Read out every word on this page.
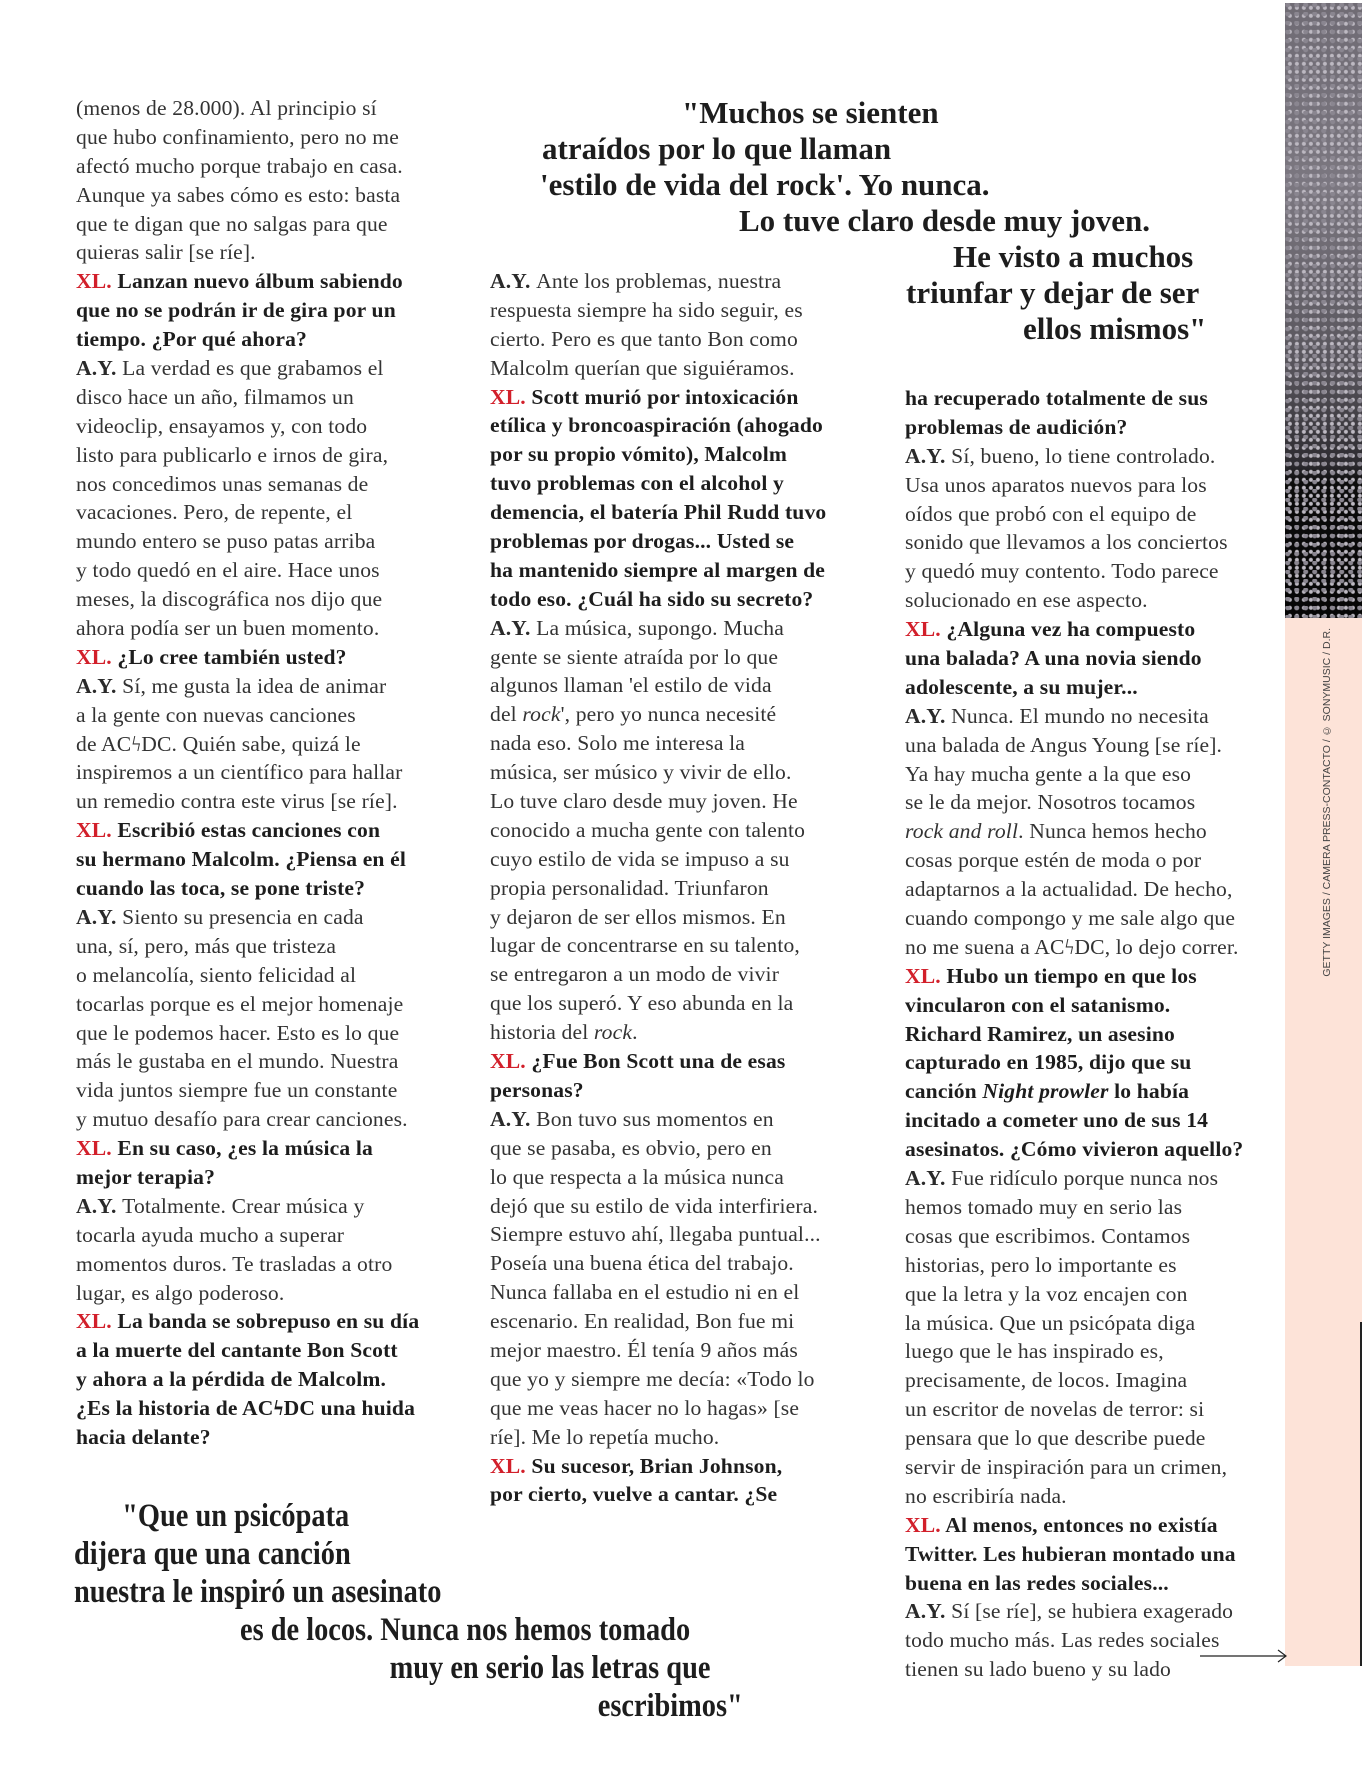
(menos de 28.000). Al principio sí
que hubo confinamiento, pero no me
afectó mucho porque trabajo en casa.
Aunque ya sabes cómo es esto: basta
que te digan que no salgas para que
quieras salir [se ríe].
XL. Lanzan nuevo álbum sabiendo
que no se podrán ir de gira por un
tiempo. ¿Por qué ahora?
A.Y. La verdad es que grabamos el
disco hace un año, filmamos un
videoclip, ensayamos y, con todo
listo para publicarlo e irnos de gira,
nos concedimos unas semanas de
vacaciones. Pero, de repente, el
mundo entero se puso patas arriba
y todo quedó en el aire. Hace unos
meses, la discográfica nos dijo que
ahora podía ser un buen momento.
XL. ¿Lo cree también usted?
A.Y. Sí, me gusta la idea de animar
a la gente con nuevas canciones
de ACϟDC. Quién sabe, quizá le
inspiremos a un científico para hallar
un remedio contra este virus [se ríe].
XL. Escribió estas canciones con
su hermano Malcolm. ¿Piensa en él
cuando las toca, se pone triste?
A.Y. Siento su presencia en cada
una, sí, pero, más que tristeza
o melancolía, siento felicidad al
tocarlas porque es el mejor homenaje
que le podemos hacer. Esto es lo que
más le gustaba en el mundo. Nuestra
vida juntos siempre fue un constante
y mutuo desafío para crear canciones.
XL. En su caso, ¿es la música la
mejor terapia?
A.Y. Totalmente. Crear música y
tocarla ayuda mucho a superar
momentos duros. Te trasladas a otro
lugar, es algo poderoso.
XL. La banda se sobrepuso en su día
a la muerte del cantante Bon Scott
y ahora a la pérdida de Malcolm.
¿Es la historia de ACϟDC una huida
hacia delante?
A.Y. Ante los problemas, nuestra
respuesta siempre ha sido seguir, es
cierto. Pero es que tanto Bon como
Malcolm querían que siguiéramos.
XL. Scott murió por intoxicación
etílica y broncoaspiración (ahogado
por su propio vómito), Malcolm
tuvo problemas con el alcohol y
demencia, el batería Phil Rudd tuvo
problemas por drogas... Usted se
ha mantenido siempre al margen de
todo eso. ¿Cuál ha sido su secreto?
A.Y. La música, supongo. Mucha
gente se siente atraída por lo que
algunos llaman 'el estilo de vida
del rock', pero yo nunca necesité
nada eso. Solo me interesa la
música, ser músico y vivir de ello.
Lo tuve claro desde muy joven. He
conocido a mucha gente con talento
cuyo estilo de vida se impuso a su
propia personalidad. Triunfaron
y dejaron de ser ellos mismos. En
lugar de concentrarse en su talento,
se entregaron a un modo de vivir
que los superó. Y eso abunda en la
historia del rock.
XL. ¿Fue Bon Scott una de esas
personas?
A.Y. Bon tuvo sus momentos en
que se pasaba, es obvio, pero en
lo que respecta a la música nunca
dejó que su estilo de vida interfiriera.
Siempre estuvo ahí, llegaba puntual...
Poseía una buena ética del trabajo.
Nunca fallaba en el estudio ni en el
escenario. En realidad, Bon fue mi
mejor maestro. Él tenía 9 años más
que yo y siempre me decía: «Todo lo
que me veas hacer no lo hagas» [se
ríe]. Me lo repetía mucho.
XL. Su sucesor, Brian Johnson,
por cierto, vuelve a cantar. ¿Se
ha recuperado totalmente de sus
problemas de audición?
A.Y. Sí, bueno, lo tiene controlado.
Usa unos aparatos nuevos para los
oídos que probó con el equipo de
sonido que llevamos a los conciertos
y quedó muy contento. Todo parece
solucionado en ese aspecto.
XL. ¿Alguna vez ha compuesto
una balada? A una novia siendo
adolescente, a su mujer...
A.Y. Nunca. El mundo no necesita
una balada de Angus Young [se ríe].
Ya hay mucha gente a la que eso
se le da mejor. Nosotros tocamos
rock and roll. Nunca hemos hecho
cosas porque estén de moda o por
adaptarnos a la actualidad. De hecho,
cuando compongo y me sale algo que
no me suena a ACϟDC, lo dejo correr.
XL. Hubo un tiempo en que los
vincularon con el satanismo.
Richard Ramirez, un asesino
capturado en 1985, dijo que su
canción Night prowler lo había
incitado a cometer uno de sus 14
asesinatos. ¿Cómo vivieron aquello?
A.Y. Fue ridículo porque nunca nos
hemos tomado muy en serio las
cosas que escribimos. Contamos
historias, pero lo importante es
que la letra y la voz encajen con
la música. Que un psicópata diga
luego que le has inspirado es,
precisamente, de locos. Imagina
un escritor de novelas de terror: si
pensara que lo que describe puede
servir de inspiración para un crimen,
no escribiría nada.
XL. Al menos, entonces no existía
Twitter. Les hubieran montado una
buena en las redes sociales...
A.Y. Sí [se ríe], se hubiera exagerado
todo mucho más. Las redes sociales
tienen su lado bueno y su lado
"Muchos se sienten
atraídos por lo que llaman
'estilo de vida del rock'. Yo nunca.
Lo tuve claro desde muy joven.
He visto a muchos
triunfar y dejar de ser
ellos mismos"
"Que un psicópata
dijera que una canción
nuestra le inspiró un asesinato
es de locos. Nunca nos hemos tomado
muy en serio las letras que
escribimos"
GETTY IMAGES / CAMERA PRESS-CONTACTO / © SONYMUSIC / D.R.
